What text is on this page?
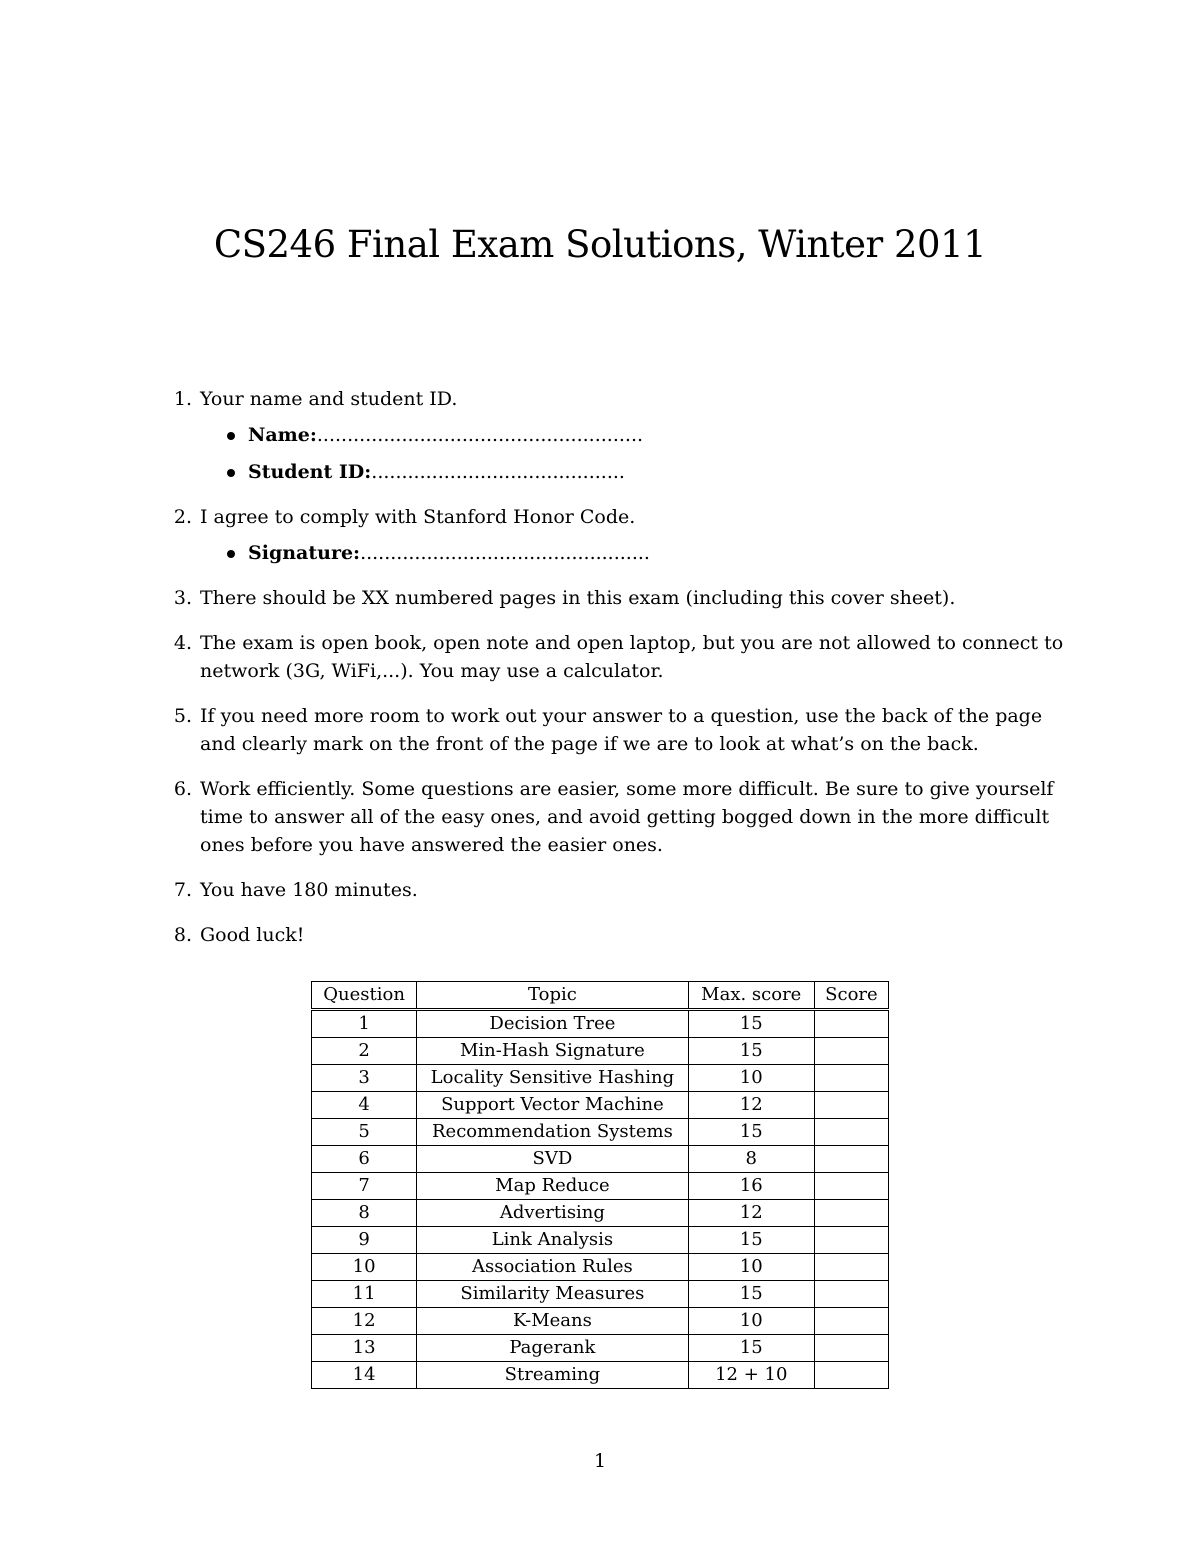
CS246 Final Exam Solutions, Winter 2011
1. Your name and student ID.
Name:......................................................
Student ID:..........................................
2. I agree to comply with Stanford Honor Code.
Signature:................................................
3. There should be XX numbered pages in this exam (including this cover sheet).
4. The exam is open book, open note and open laptop, but you are not allowed to connect to network (3G, WiFi,...). You may use a calculator.
5. If you need more room to work out your answer to a question, use the back of the page and clearly mark on the front of the page if we are to look at what’s on the back.
6. Work efficiently. Some questions are easier, some more difficult. Be sure to give yourself time to answer all of the easy ones, and avoid getting bogged down in the more difficult ones before you have answered the easier ones.
7. You have 180 minutes.
8. Good luck!
Question	Topic	Max. score	Score
1	Decision Tree	15	
2	Min-Hash Signature	15	
3	Locality Sensitive Hashing	10	
4	Support Vector Machine	12	
5	Recommendation Systems	15	
6	SVD	8	
7	Map Reduce	16	
8	Advertising	12	
9	Link Analysis	15	
10	Association Rules	10	
11	Similarity Measures	15	
12	K-Means	10	
13	Pagerank	15	
14	Streaming	12 + 10	
1
